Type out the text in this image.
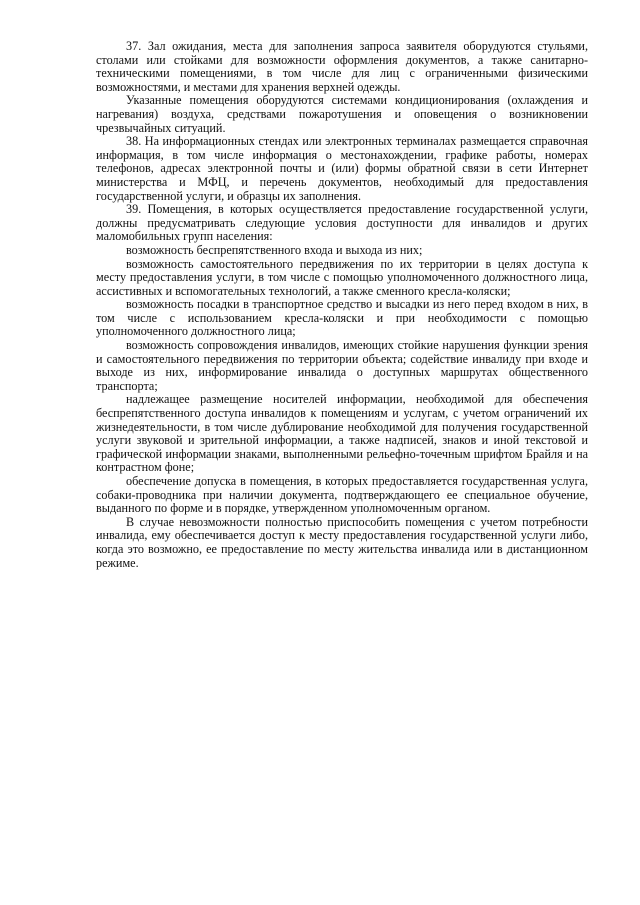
37. Зал ожидания, места для заполнения запроса заявителя оборудуются стульями, столами или стойками для возможности оформления документов, а также санитарно-техническими помещениями, в том числе для лиц с ограниченными физическими возможностями, и местами для хранения верхней одежды.

Указанные помещения оборудуются системами кондиционирования (охлаждения и нагревания) воздуха, средствами пожаротушения и оповещения о возникновении чрезвычайных ситуаций.

38. На информационных стендах или электронных терминалах размещается справочная информация, в том числе информация о местонахождении, графике работы, номерах телефонов, адресах электронной почты и (или) формы обратной связи в сети Интернет министерства и МФЦ, и перечень документов, необходимый для предоставления государственной услуги, и образцы их заполнения.

39. Помещения, в которых осуществляется предоставление государственной услуги, должны предусматривать следующие условия доступности для инвалидов и других маломобильных групп населения:

возможность беспрепятственного входа и выхода из них;

возможность самостоятельного передвижения по их территории в целях доступа к месту предоставления услуги, в том числе с помощью уполномоченного должностного лица, ассистивных и вспомогательных технологий, а также сменного кресла-коляски;

возможность посадки в транспортное средство и высадки из него перед входом в них, в том числе с использованием кресла-коляски и при необходимости с помощью уполномоченного должностного лица;

возможность сопровождения инвалидов, имеющих стойкие нарушения функции зрения и самостоятельного передвижения по территории объекта; содействие инвалиду при входе и выходе из них, информирование инвалида о доступных маршрутах общественного транспорта;

надлежащее размещение носителей информации, необходимой для обеспечения беспрепятственного доступа инвалидов к помещениям и услугам, с учетом ограничений их жизнедеятельности, в том числе дублирование необходимой для получения государственной услуги звуковой и зрительной информации, а также надписей, знаков и иной текстовой и графической информации знаками, выполненными рельефно-точечным шрифтом Брайля и на контрастном фоне;

обеспечение допуска в помещения, в которых предоставляется государственная услуга, собаки-проводника при наличии документа, подтверждающего ее специальное обучение, выданного по форме и в порядке, утвержденном уполномоченным органом.

В случае невозможности полностью приспособить помещения с учетом потребности инвалида, ему обеспечивается доступ к месту предоставления государственной услуги либо, когда это возможно, ее предоставление по месту жительства инвалида или в дистанционном режиме.
